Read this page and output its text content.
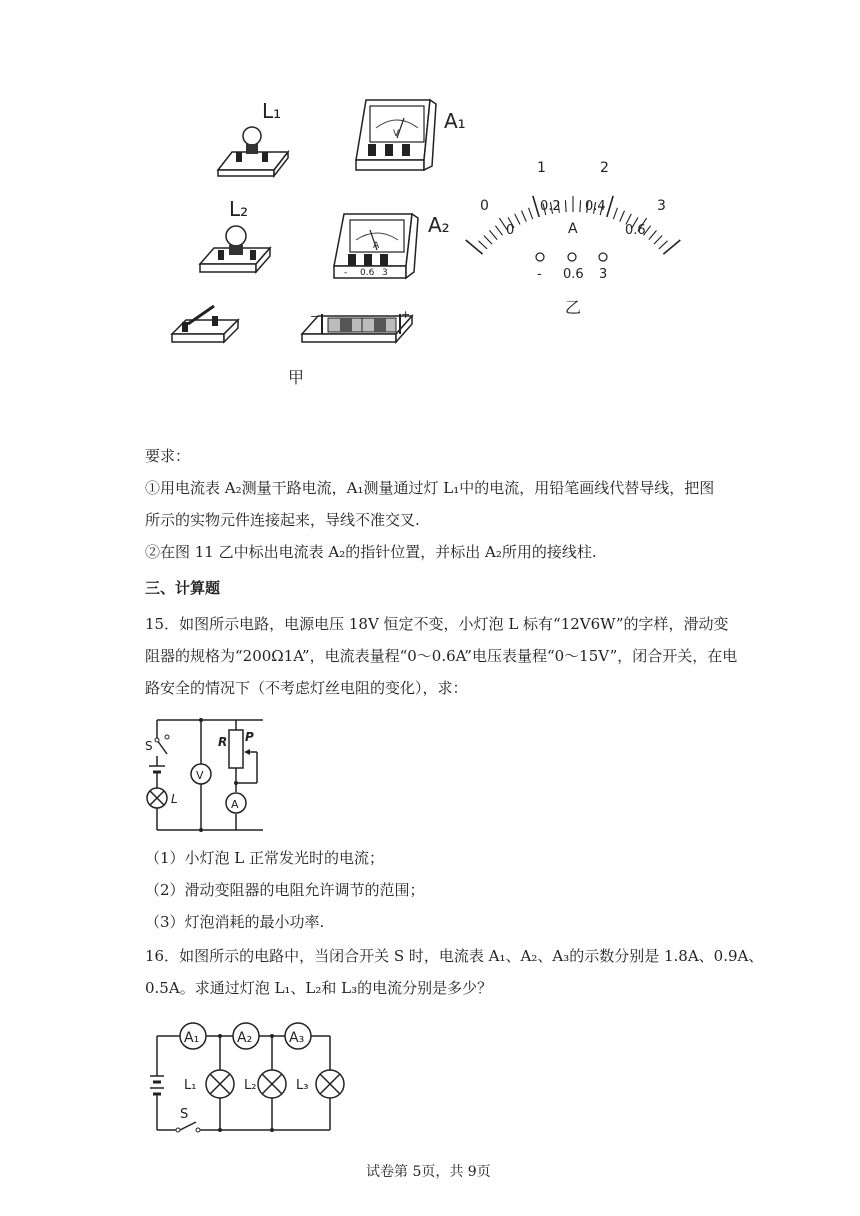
L₁
L₂
V
A₁
A
- 0.6 3
A₂
−	+
甲
0
1	2
3
0
0.2 0.4
0.6
A
- 0.6 3
乙
要求：
①用电流表 A₂测量干路电流，A₁测量通过灯 L₁中的电流，用铅笔画线代替导线，把图
所示的实物元件连接起来，导线不准交叉.
②在图 11 乙中标出电流表 A₂的指针位置，并标出 A₂所用的接线柱.
三、计算题
15．如图所示电路，电源电压 18V 恒定不变，小灯泡 L 标有“12V6W”的字样，滑动变
阻器的规格为“200Ω1A”，电流表量程“0～0.6A”电压表量程“0～15V”，闭合开关，在电
路安全的情况下（不考虑灯丝电阻的变化），求：
S
L
V
R P
A
（1）小灯泡 L 正常发光时的电流；
（2）滑动变阻器的电阻允许调节的范围；
（3）灯泡消耗的最小功率.
16．如图所示的电路中，当闭合开关 S 时，电流表 A₁、A₂、A₃的示数分别是 1.8A、0.9A、
0.5A。求通过灯泡 L₁、L₂和 L₃的电流分别是多少？
A₁	A₂	A₃
L₁	L₂	L₃
S
试卷第 5页，共 9页
